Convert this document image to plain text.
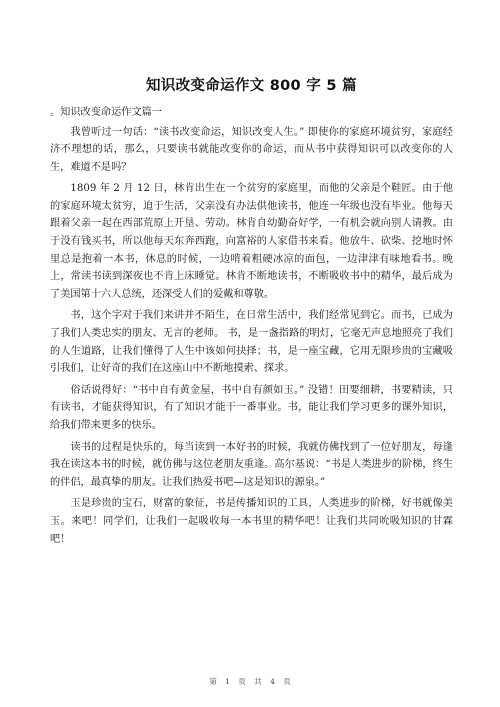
知识改变命运作文 800 字 5 篇

。知识改变命运作文篇一

我曾听过一句话：“读书改变命运，知识改变人生。” 即使你的家庭环境贫穷，家庭经济不理想的话，那么，只要读书就能改变你的命运，而从书中获得知识可以改变你的人生，难道不是吗？

1809 年 2 月 12 日，林肯出生在一个贫穷的家庭里，而他的父亲是个鞋匠。由于他的家庭环境太贫穷，迫于生活，父亲没有办法供他读书，他连一年级也没有毕业。他每天跟着父亲一起在西部荒原上开垦、劳动。林肯自幼勤奋好学，一有机会就向别人请教。由于没有钱买书，所以他每天东奔西跑，向富裕的人家借书来看。他放牛、砍柴、挖地时怀里总是抱着一本书，休息的时候，一边啃着粗硬冰凉的面包，一边津津有味地看书。晚上，常读书读到深夜也不肯上床睡觉。林肯不断地读书，不断吸收书中的精华，最后成为了美国第十六人总统，还深受人们的爱戴和尊敬。

书，这个字对于我们来讲并不陌生，在日常生活中，我们经常见到它。而书，已成为了我们人类忠实的朋友、无言的老师。 书，是一盏指路的明灯，它毫无声息地照亮了我们的人生道路，让我们懂得了人生中该如何抉择；书，是一座宝藏，它用无限珍贵的宝藏吸引我们，让好奇的我们在这座山中不断地摸索、探求。

俗话说得好：“书中自有黄金屋，书中自有颜如玉。” 没错！田要细耕，书要精读，只有读书，才能获得知识，有了知识才能干一番事业。书，能让我们学习更多的课外知识，给我们带来更多的快乐。

读书的过程是快乐的，每当读到一本好书的时候，我就仿佛找到了一位好朋友，每逢我在读这本书的时候，就仿佛与这位老朋友重逢。高尔基说：“书是人类进步的阶梯，终生的伴侣，最真挚的朋友。让我们热爱书吧—这是知识的源泉。”

玉是珍贵的宝石，财富的象征，书是传播知识的工具，人类进步的阶梯，好书就像美玉。来吧！同学们，让我们一起吸收每一本书里的精华吧！让我们共同吮吸知识的甘霖吧！

第 1 页 共 4 页
